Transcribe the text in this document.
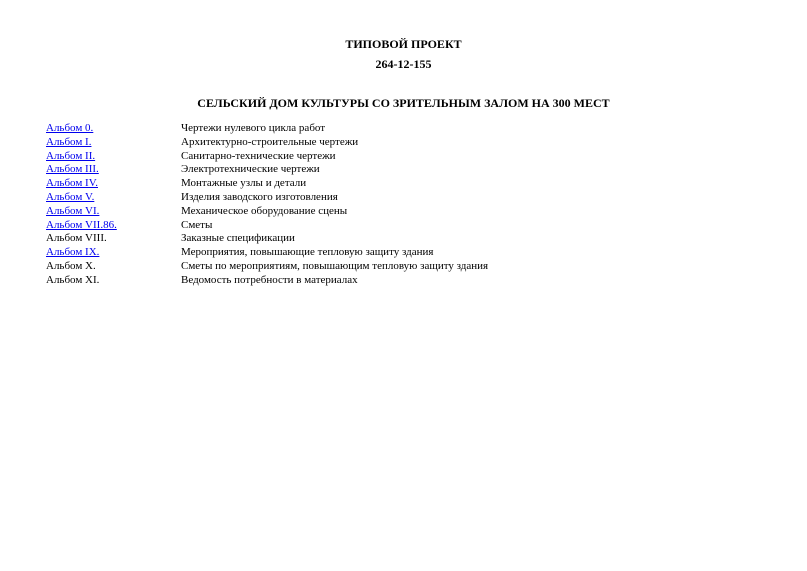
ТИПОВОЙ ПРОЕКТ
264-12-155
СЕЛЬСКИЙ ДОМ КУЛЬТУРЫ СО ЗРИТЕЛЬНЫМ ЗАЛОМ НА 300 МЕСТ
Альбом 0.	Чертежи нулевого цикла работ
Альбом I.	Архитектурно-строительные чертежи
Альбом II.	Санитарно-технические чертежи
Альбом III.	Электротехнические чертежи
Альбом IV.	Монтажные узлы и детали
Альбом V.	Изделия заводского изготовления
Альбом VI.	Механическое оборудование сцены
Альбом VII.86.	Сметы
Альбом VIII.	Заказные спецификации
Альбом IX.	Мероприятия, повышающие тепловую защиту здания
Альбом X.	Сметы по мероприятиям, повышающим тепловую защиту здания
Альбом XI.	Ведомость потребности в материалах
